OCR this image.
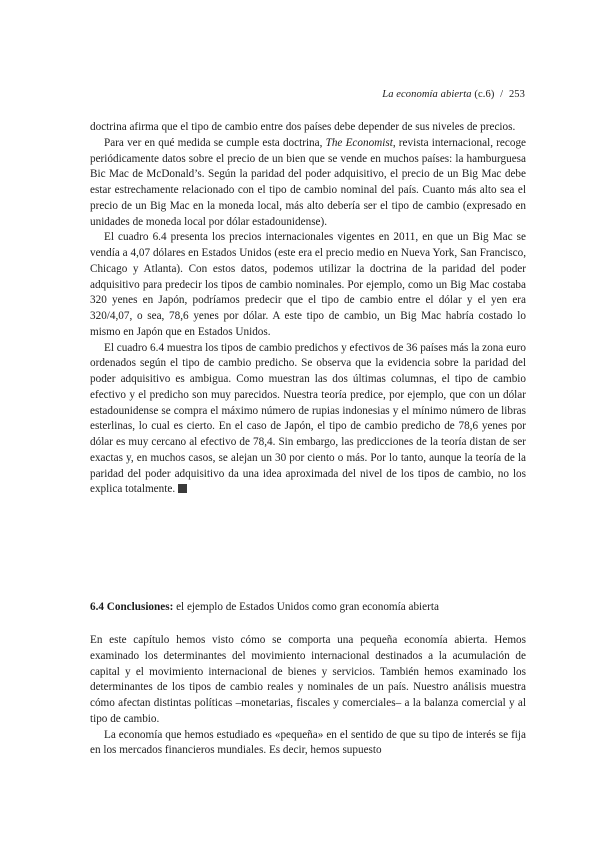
La economía abierta (c.6) / 253

doctrina afirma que el tipo de cambio entre dos países debe depender de sus niveles de precios.

Para ver en qué medida se cumple esta doctrina, The Economist, revista internacional, recoge periódicamente datos sobre el precio de un bien que se vende en muchos países: la hamburguesa Bic Mac de McDonald’s. Según la paridad del poder adquisitivo, el precio de un Big Mac debe estar estrechamente relacionado con el tipo de cambio nominal del país. Cuanto más alto sea el precio de un Big Mac en la moneda local, más alto debería ser el tipo de cambio (expresado en unidades de moneda local por dólar estadounidense).

El cuadro 6.4 presenta los precios internacionales vigentes en 2011, en que un Big Mac se vendía a 4,07 dólares en Estados Unidos (este era el precio medio en Nueva York, San Francisco, Chicago y Atlanta). Con estos datos, podemos utilizar la doctrina de la paridad del poder adquisitivo para predecir los tipos de cambio nominales. Por ejemplo, como un Big Mac costaba 320 yenes en Japón, podríamos predecir que el tipo de cambio entre el dólar y el yen era 320/4,07, o sea, 78,6 yenes por dólar. A este tipo de cambio, un Big Mac habría costado lo mismo en Japón que en Estados Unidos.

El cuadro 6.4 muestra los tipos de cambio predichos y efectivos de 36 países más la zona euro ordenados según el tipo de cambio predicho. Se observa que la evidencia sobre la paridad del poder adquisitivo es ambigua. Como muestran las dos últimas columnas, el tipo de cambio efectivo y el predicho son muy parecidos. Nuestra teoría predice, por ejemplo, que con un dólar estadounidense se compra el máximo número de rupias indonesias y el mínimo número de libras esterlinas, lo cual es cierto. En el caso de Japón, el tipo de cambio predicho de 78,6 yenes por dólar es muy cercano al efectivo de 78,4. Sin embargo, las predicciones de la teoría distan de ser exactas y, en muchos casos, se alejan un 30 por ciento o más. Por lo tanto, aunque la teoría de la paridad del poder adquisitivo da una idea aproximada del nivel de los tipos de cambio, no los explica totalmente.

6.4 Conclusiones: el ejemplo de Estados Unidos como gran economía abierta

En este capítulo hemos visto cómo se comporta una pequeña economía abierta. Hemos examinado los determinantes del movimiento internacional destinados a la acumulación de capital y el movimiento internacional de bienes y servicios. También hemos examinado los determinantes de los tipos de cambio reales y nominales de un país. Nuestro análisis muestra cómo afectan distintas políticas –monetarias, fiscales y comerciales– a la balanza comercial y al tipo de cambio.

La economía que hemos estudiado es «pequeña» en el sentido de que su tipo de interés se fija en los mercados financieros mundiales. Es decir, hemos supuesto
